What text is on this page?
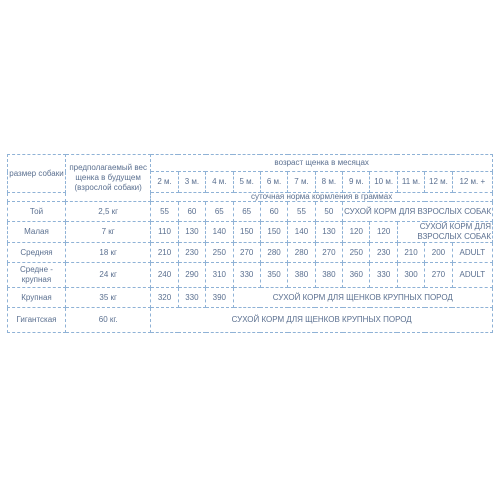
размер собаки	предполагаемый вес щенка в будущем (взрослой собаки)	возраст щенка в месяцах											
		2 м.	3 м.	4 м.	5 м.	6 м.	7 м.	8 м.	9 м.	10 м.	11 м.	12 м.	12 м. +
		суточная норма кормления в граммах											
Той	2,5 кг	55	60	65	65	60	55	50	СУХОЙ КОРМ ДЛЯ ВЗРОСЛЫХ СОБАК				
Малая	7 кг	110	130	140	150	150	140	130	120	120	СУХОЙ КОРМ ДЛЯ ВЗРОСЛЫХ СОБАК		
Средняя	18 кг	210	230	250	270	280	280	270	250	230	210	200	ADULT
Средне - крупная	24 кг	240	290	310	330	350	380	380	360	330	300	270	ADULT
Крупная	35 кг	320	330	390	СУХОЙ КОРМ ДЛЯ ЩЕНКОВ КРУПНЫХ ПОРОД								
Гигантская	60 кг.	СУХОЙ КОРМ ДЛЯ ЩЕНКОВ КРУПНЫХ ПОРОД											
